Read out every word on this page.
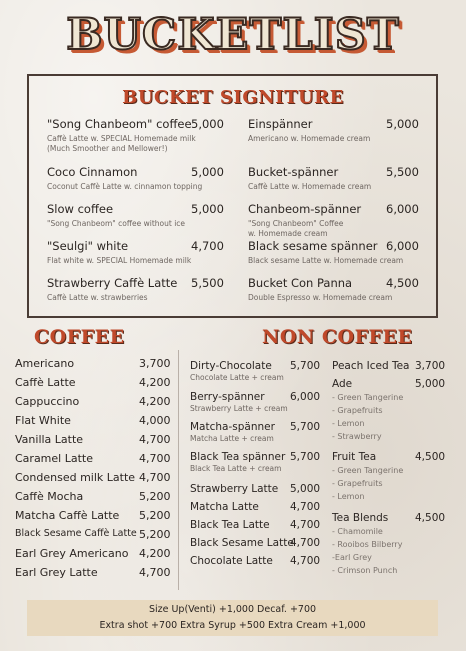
BUCKETLIST
BUCKET SIGNITURE
"Song Chanbeom" coffee 5,000
Caffè Latte w. SPECIAL Homemade milk
(Much Smoother and Mellower!)
Coco Cinnamon	5,000
Coconut Caffè Latte w. cinnamon topping
Slow coffee	5,000
"Song Chanbeom" coffee without ice
"Seulgi" white	4,700
Flat white w. SPECIAL Homemade milk
Strawberry Caffè Latte 5,500
Caffè Latte w. strawberries
Einspänner	5,000
Americano w. Homemade cream
Bucket-spänner	5,500
Caffè Latte w. Homemade cream
Chanbeom-spänner 6,000
"Song Chanbeom" Coffee
w. Homemade cream
Black sesame spänner 6,000
Black sesame Latte w. Homemade cream
Bucket Con Panna	4,500
Double Espresso w. Homemade cream
COFFEE	NON COFFEE
Americano	3,700
Caffè Latte	4,200
Cappuccino	4,200
Flat White	4,000
Vanilla Latte	4,700
Caramel Latte	4,700
Condensed milk Latte 4,700
Caffè Mocha	5,200
Matcha Caffè Latte	5,200
Black Sesame Caffè Latte 5,200
Earl Grey Americano 4,200
Earl Grey Latte	4,700
Dirty-Chocolate	5,700
Chocolate Latte + cream
Berry-spänner	6,000
Strawberry Latte + cream
Matcha-spänner	5,700
Matcha Latte + cream
Black Tea spänner 5,700
Black Tea Latte + cream
Strawberry Latte	5,000
Matcha Latte	4,700
Black Tea Latte	4,700
Black Sesame Latte
4,700
Chocolate Latte	4,700
Peach Iced Tea 3,700
Ade	5,000
- Green Tangerine
- Grapefruits
- Lemon
- Strawberry
Fruit Tea	4,500
- Green Tangerine
- Grapefruits
- Lemon
Tea Blends	4,500
- Chamomile
- Rooibos Bilberry
-Earl Grey
- Crimson Punch
Size Up(Venti) +1,000 Decaf. +700
Extra shot +700 Extra Syrup +500 Extra Cream +1,000
